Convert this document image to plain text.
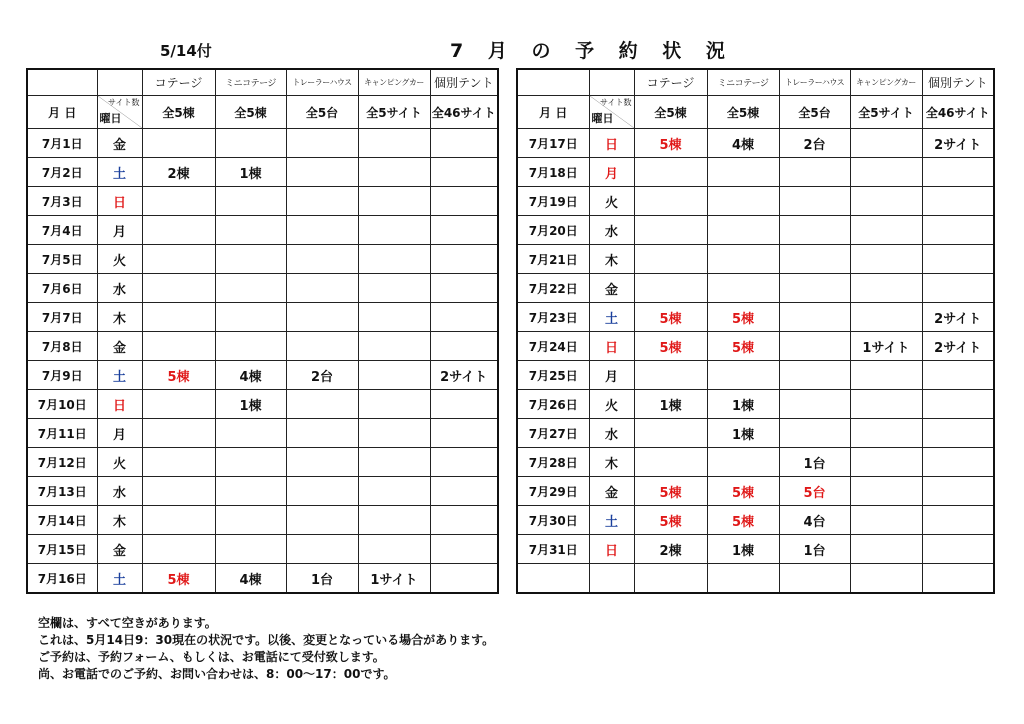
5/14付	7 月 の 予 約 状 況
		コテージ	ミニコテージ	トレーラーハウス	キャンピングカー	個別テント
月 日	サイト数
曜日	全5棟	全5棟	全5台	全5サイト	全46サイト
7月1日	金					
7月2日	土	2棟	1棟			
7月3日	日					
7月4日	月					
7月5日	火					
7月6日	水					
7月7日	木					
7月8日	金					
7月9日	土	5棟	4棟	2台		2サイト
7月10日	日		1棟			
7月11日	月					
7月12日	火					
7月13日	水					
7月14日	木					
7月15日	金					
7月16日	土	5棟	4棟	1台	1サイト	
		コテージ	ミニコテージ	トレーラーハウス	キャンピングカー	個別テント
月 日	サイト数
曜日	全5棟	全5棟	全5台	全5サイト	全46サイト
7月17日	日	5棟	4棟	2台		2サイト
7月18日	月					
7月19日	火					
7月20日	水					
7月21日	木					
7月22日	金					
7月23日	土	5棟	5棟			2サイト
7月24日	日	5棟	5棟		1サイト	2サイト
7月25日	月					
7月26日	火	1棟	1棟			
7月27日	水		1棟			
7月28日	木			1台		
7月29日	金	5棟	5棟	5台		
7月30日	土	5棟	5棟	4台		
7月31日	日	2棟	1棟	1台		

空欄は、すべて空きがあります。
これは、5月14日9：30現在の状況です。以後、変更となっている場合があります。
ご予約は、予約フォーム、もしくは、お電話にて受付致します。
尚、お電話でのご予約、お問い合わせは、8：00～17：00です。
